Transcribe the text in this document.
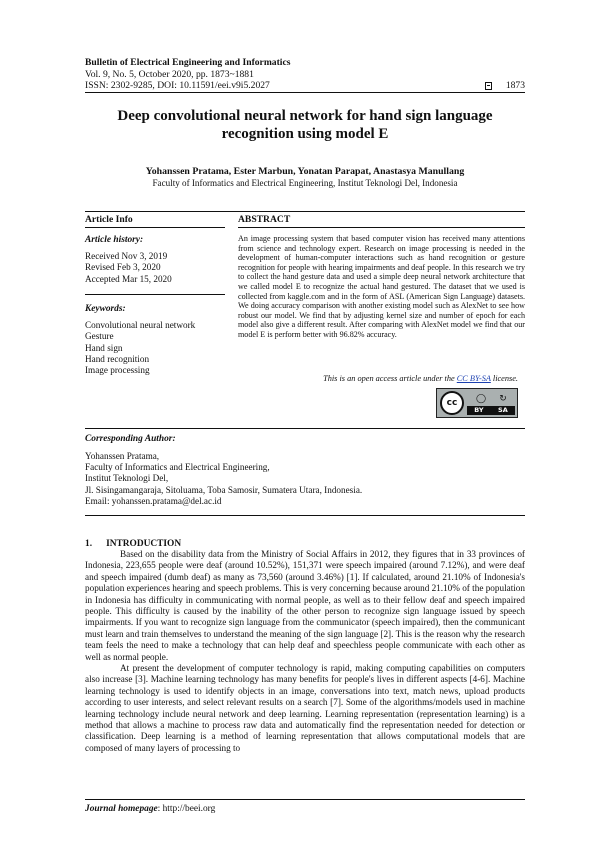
Bulletin of Electrical Engineering and Informatics
Vol. 9, No. 5, October 2020, pp. 1873~1881
ISSN: 2302-9285, DOI: 10.11591/eei.v9i5.2027	1873
Deep convolutional neural network for hand sign language
recognition using model E
Yohanssen Pratama, Ester Marbun, Yonatan Parapat, Anastasya Manullang
Faculty of Informatics and Electrical Engineering, Institut Teknologi Del, Indonesia
Article Info	ABSTRACT
Article history:
Received Nov 3, 2019
Revised Feb 3, 2020
Accepted Mar 15, 2020
Keywords:
Convolutional neural network
Gesture
Hand sign
Hand recognition
Image processing
An image processing system that based computer vision has received many attentions from science and technology expert. Research on image processing is needed in the development of human-computer interactions such as hand recognition or gesture recognition for people with hearing impairments and deaf people. In this research we try to collect the hand gesture data and used a simple deep neural network architecture that we called model E to recognize the actual hand gestured. The dataset that we used is collected from kaggle.com and in the form of ASL (American Sign Language) datasets. We doing accuracy comparison with another existing model such as AlexNet to see how robust our model. We find that by adjusting kernel size and number of epoch for each model also give a different result. After comparing with AlexNet model we find that our model E is perform better with 96.82% accuracy.
This is an open access article under the CC BY-SA license.
cc	◯	↻
BY SA
Corresponding Author:
Yohanssen Pratama,
Faculty of Informatics and Electrical Engineering,
Institut Teknologi Del,
Jl. Sisingamangaraja, Sitoluama, Toba Samosir, Sumatera Utara, Indonesia.
Email: yohanssen.pratama@del.ac.id
1.      INTRODUCTION
Based on the disability data from the Ministry of Social Affairs in 2012, they figures that in 33 provinces of Indonesia, 223,655 people were deaf (around 10.52%), 151,371 were speech impaired (around 7.12%), and were deaf and speech impaired (dumb deaf) as many as 73,560 (around 3.46%) [1]. If calculated, around 21.10% of Indonesia's population experiences hearing and speech problems. This is very concerning because around 21.10% of the population in Indonesia has difficulty in communicating with normal people, as well as to their fellow deaf and speech impaired people. This difficulty is caused by the inability of the other person to recognize sign language issued by speech impairments. If you want to recognize sign language from the communicator (speech impaired), then the communicant must learn and train themselves to understand the meaning of the sign language [2]. This is the reason why the research team feels the need to make a technology that can help deaf and speechless people communicate with each other as well as normal people.
At present the development of computer technology is rapid, making computing capabilities on computers also increase [3]. Machine learning technology has many benefits for people's lives in different aspects [4-6]. Machine learning technology is used to identify objects in an image, conversations into text, match news, upload products according to user interests, and select relevant results on a search [7]. Some of the algorithms/models used in machine learning technology include neural network and deep learning. Learning representation (representation learning) is a method that allows a machine to process raw data and automatically find the representation needed for detection or classification. Deep learning is a method of learning representation that allows computational models that are composed of many layers of processing to
Journal homepage: http://beei.org
